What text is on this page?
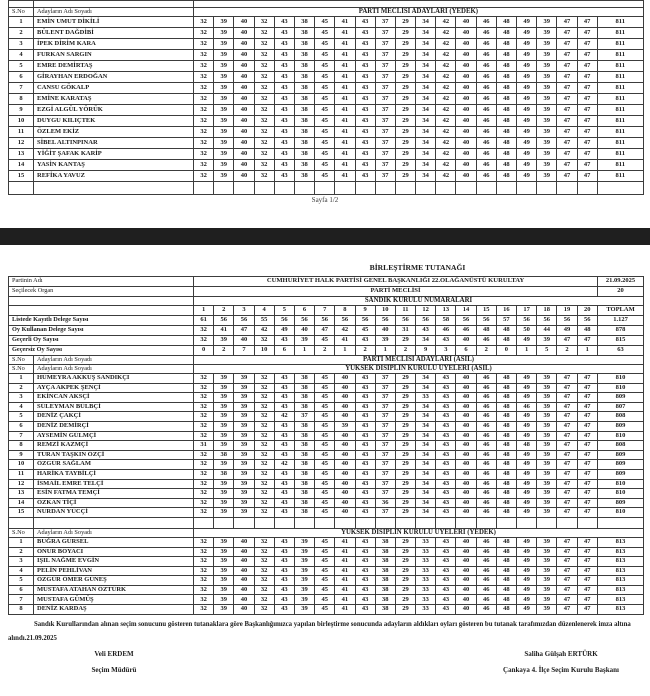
S.No	Adayların Adı Soyadı	PARTİ MECLİSİ ADAYLARI (YEDEK)																				
1	EMİN UMUT DİKİLİ	32	39	40	32	43	38	45	41	43	37	29	34	42	40	46	48	49	39	47	47	811
2	BÜLENT DAĞDİBİ	32	39	40	32	43	38	45	41	43	37	29	34	42	40	46	48	49	39	47	47	811
3	İPEK DİRİM KARA	32	39	40	32	43	38	45	41	43	37	29	34	42	40	46	48	49	39	47	47	811
4	FURKAN SARGIN	32	39	40	32	43	38	45	41	43	37	29	34	42	40	46	48	49	39	47	47	811
5	EMRE DEMİRTAŞ	32	39	40	32	43	38	45	41	43	37	29	34	42	40	46	48	49	39	47	47	811
6	GİRAYHAN ERDOĞAN	32	39	40	32	43	38	45	41	43	37	29	34	42	40	46	48	49	39	47	47	811
7	CANSU GÖKALP	32	39	40	32	43	38	45	41	43	37	29	34	42	40	46	48	49	39	47	47	811
8	EMİNE KARATAŞ	32	39	40	32	43	38	45	41	43	37	29	34	42	40	46	48	49	39	47	47	811
9	EZGİ ALGÜL YÖRÜK	32	39	40	32	43	38	45	41	43	37	29	34	42	40	46	48	49	39	47	47	811
10	DUYGU KILIÇTEK	32	39	40	32	43	38	45	41	43	37	29	34	42	40	46	48	49	39	47	47	811
11	ÖZLEM EKİZ	32	39	40	32	43	38	45	41	43	37	29	34	42	40	46	48	49	39	47	47	811
12	SİBEL ALTINPINAR	32	39	40	32	43	38	45	41	43	37	29	34	42	40	46	48	49	39	47	47	811
13	YİĞİT ŞAFAK KARİP	32	39	40	32	43	38	45	41	43	37	29	34	42	40	46	48	49	39	47	47	811
14	YASİN KANTAŞ	32	39	40	32	43	38	45	41	43	37	29	34	42	40	46	48	49	39	47	47	811
15	REFİKA YAVUZ	32	39	40	32	43	38	45	41	43	37	29	34	42	40	46	48	49	39	47	47	811

Sayfa 1/2
BİRLEŞTİRME TUTANAĞI
Partinin Adı		CUMHURİYET HALK PARTİSİ GENEL BAŞKANLIĞI 22.OLAĞANÜSTÜ KURULTAY																				21.09.2025
Seçilecek Organ		PARTİ MECLİSİ																				20
		SANDIK KURULU NUMARALARI																				
		1	2	3	4	5	6	7	8	9	10	11	12	13	14	15	16	17	18	19	20	TOPLAM
Listede Kayıtlı Delege Sayısı		61	56	56	55	56	56	56	56	56	56	56	56	58	56	56	57	56	56	56	56	1.127
Oy Kullanan Delege Sayısı		32	41	47	42	49	40	47	42	45	40	31	43	46	46	48	48	50	44	49	48	878
Geçerli Oy Sayısı		32	39	40	32	43	39	45	41	43	39	29	34	43	40	46	48	49	39	47	47	815
Geçersiz Oy Sayısı		0	2	7	10	6	1	2	1	2	1	2	9	3	6	2	0	1	5	2	1	63
S.No	Adayların Adı Soyadı	PARTİ MECLİSİ ADAYLARI (ASİL)																				
S.No	Adayların Adı Soyadı	YÜKSEK DİSİPLİN KURULU ÜYELERİ (ASİL)																				
1	HÜMEYRA AKKUŞ SANDIKÇI	32	39	39	32	43	38	45	40	43	37	29	34	43	40	46	48	49	39	47	47	810
2	AYÇA AKPEK ŞENÇİ	32	39	39	32	43	38	45	40	43	37	29	34	43	40	46	48	49	39	47	47	810
3	EKİNCAN AKSÇİ	32	39	39	32	43	38	45	40	43	37	29	33	43	40	46	48	49	39	47	47	809
4	SÜLEYMAN BÜLBÇİ	32	39	39	32	43	38	45	40	43	37	29	34	43	40	46	48	46	39	47	47	807
5	DENİZ ÇAKÇİ	32	39	39	32	42	37	45	40	43	37	29	34	43	40	46	48	49	39	47	47	808
6	DENİZ DEMİRÇİ	32	39	39	32	43	38	45	39	43	37	29	34	43	40	46	48	49	39	47	47	809
7	AYSEMİN GÜLMÇİ	32	39	39	32	43	38	45	40	43	37	29	34	43	40	46	48	49	39	47	47	810
8	REMZİ KAZMÇİ	31	39	39	32	43	38	45	40	43	37	29	34	43	40	46	48	48	39	47	47	808
9	TURAN TAŞKIN ÖZÇİ	32	38	39	32	43	38	45	40	43	37	29	34	43	40	46	48	49	39	47	47	809
10	ÖZGÜR SAĞLAM	32	39	39	32	42	38	45	40	43	37	29	34	43	40	46	48	49	39	47	47	809
11	HARİKA TAYBİLÇİ	32	38	39	32	43	38	45	40	43	37	29	34	43	40	46	48	49	39	47	47	809
12	İSMAİL EMRE TELÇİ	32	39	39	32	43	38	45	40	43	37	29	34	43	40	46	48	49	39	47	47	810
13	ESİN FATMA TEMÇİ	32	39	39	32	43	38	45	40	43	37	29	34	43	40	46	48	49	39	47	47	810
14	ÖZKAN TİÇİ	32	39	39	32	43	38	45	40	43	36	29	34	43	40	46	48	49	39	47	47	809
15	NURDAN YÜCÇİ	32	39	39	32	43	38	45	40	43	37	29	34	43	40	46	48	49	39	47	47	810

S.No	Adayların Adı Soyadı	YÜKSEK DİSİPLİN KURULU ÜYELERİ (YEDEK)																				
1	BUĞRA GÜRSEL	32	39	40	32	43	39	45	41	43	38	29	33	43	40	46	48	49	39	47	47	813
2	ONUR BOYACI	32	39	40	32	43	39	45	41	43	38	29	33	43	40	46	48	49	39	47	47	813
3	IŞIL NAĞME EVGİN	32	39	40	32	43	39	45	41	43	38	29	33	43	40	46	48	49	39	47	47	813
4	PELİN PEHLİVAN	32	39	40	32	43	39	45	41	43	38	29	33	43	40	46	48	49	39	47	47	813
5	ÖZGÜR ÖMER GÜNEŞ	32	39	40	32	43	39	45	41	43	38	29	33	43	40	46	48	49	39	47	47	813
6	MUSTAFA ATAHAN ÖZTÜRK	32	39	40	32	43	39	45	41	43	38	29	33	43	40	46	48	49	39	47	47	813
7	MUSTAFA GÜMÜŞ	32	39	40	32	43	39	45	41	43	38	29	33	43	40	46	48	49	39	47	47	813
8	DENİZ KARDAŞ	32	39	40	32	43	39	45	41	43	38	29	33	43	40	46	48	49	39	47	47	813
Sandık Kurullarından alınan seçim sonucunu gösteren tutanaklara göre Başkanlığımızca yapılan birleştirme sonucunda adayların aldıkları oyları gösteren bu tutanak tarafımızdan düzenlenerek imza altına alındı.21.09.2025
Veli ERDEM
Seçim Müdürü
Saliha Gülşah ERTÜRK
Çankaya 4. İlçe Seçim Kurulu Başkanı
